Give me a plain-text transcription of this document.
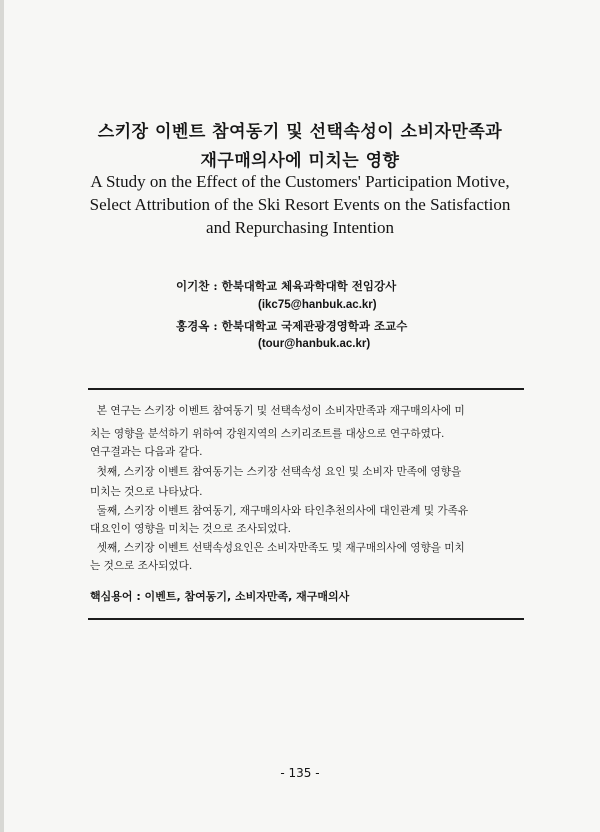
스키장 이벤트 참여동기 및 선택속성이 소비자만족과
재구매의사에 미치는 영향
A Study on the Effect of the Customers' Participation Motive,
Select Attribution of the Ski Resort Events on the Satisfaction
and Repurchasing Intention
이기찬 : 한북대학교 체육과학대학 전임강사
(ikc75@hanbuk.ac.kr)
홍경옥 : 한북대학교 국제관광경영학과 조교수
(tour@hanbuk.ac.kr)
본 연구는 스키장 이벤트 참여동기 및 선택속성이 소비자만족과 재구매의사에 미
치는 영향을 분석하기 위하여 강원지역의 스키리조트를 대상으로 연구하였다.
연구결과는 다음과 같다.
첫째, 스키장 이벤트 참여동기는 스키장 선택속성 요인 및 소비자 만족에 영향을
미치는 것으로 나타났다.
둘째, 스키장 이벤트 참여동기, 재구매의사와 타인추천의사에 대인관계 및 가족유
대요인이 영향을 미치는 것으로 조사되었다.
셋째, 스키장 이벤트 선택속성요인은 소비자만족도 및 재구매의사에 영향을 미치
는 것으로 조사되었다.
핵심용어 : 이벤트, 참여동기, 소비자만족, 재구매의사
- 135 -
